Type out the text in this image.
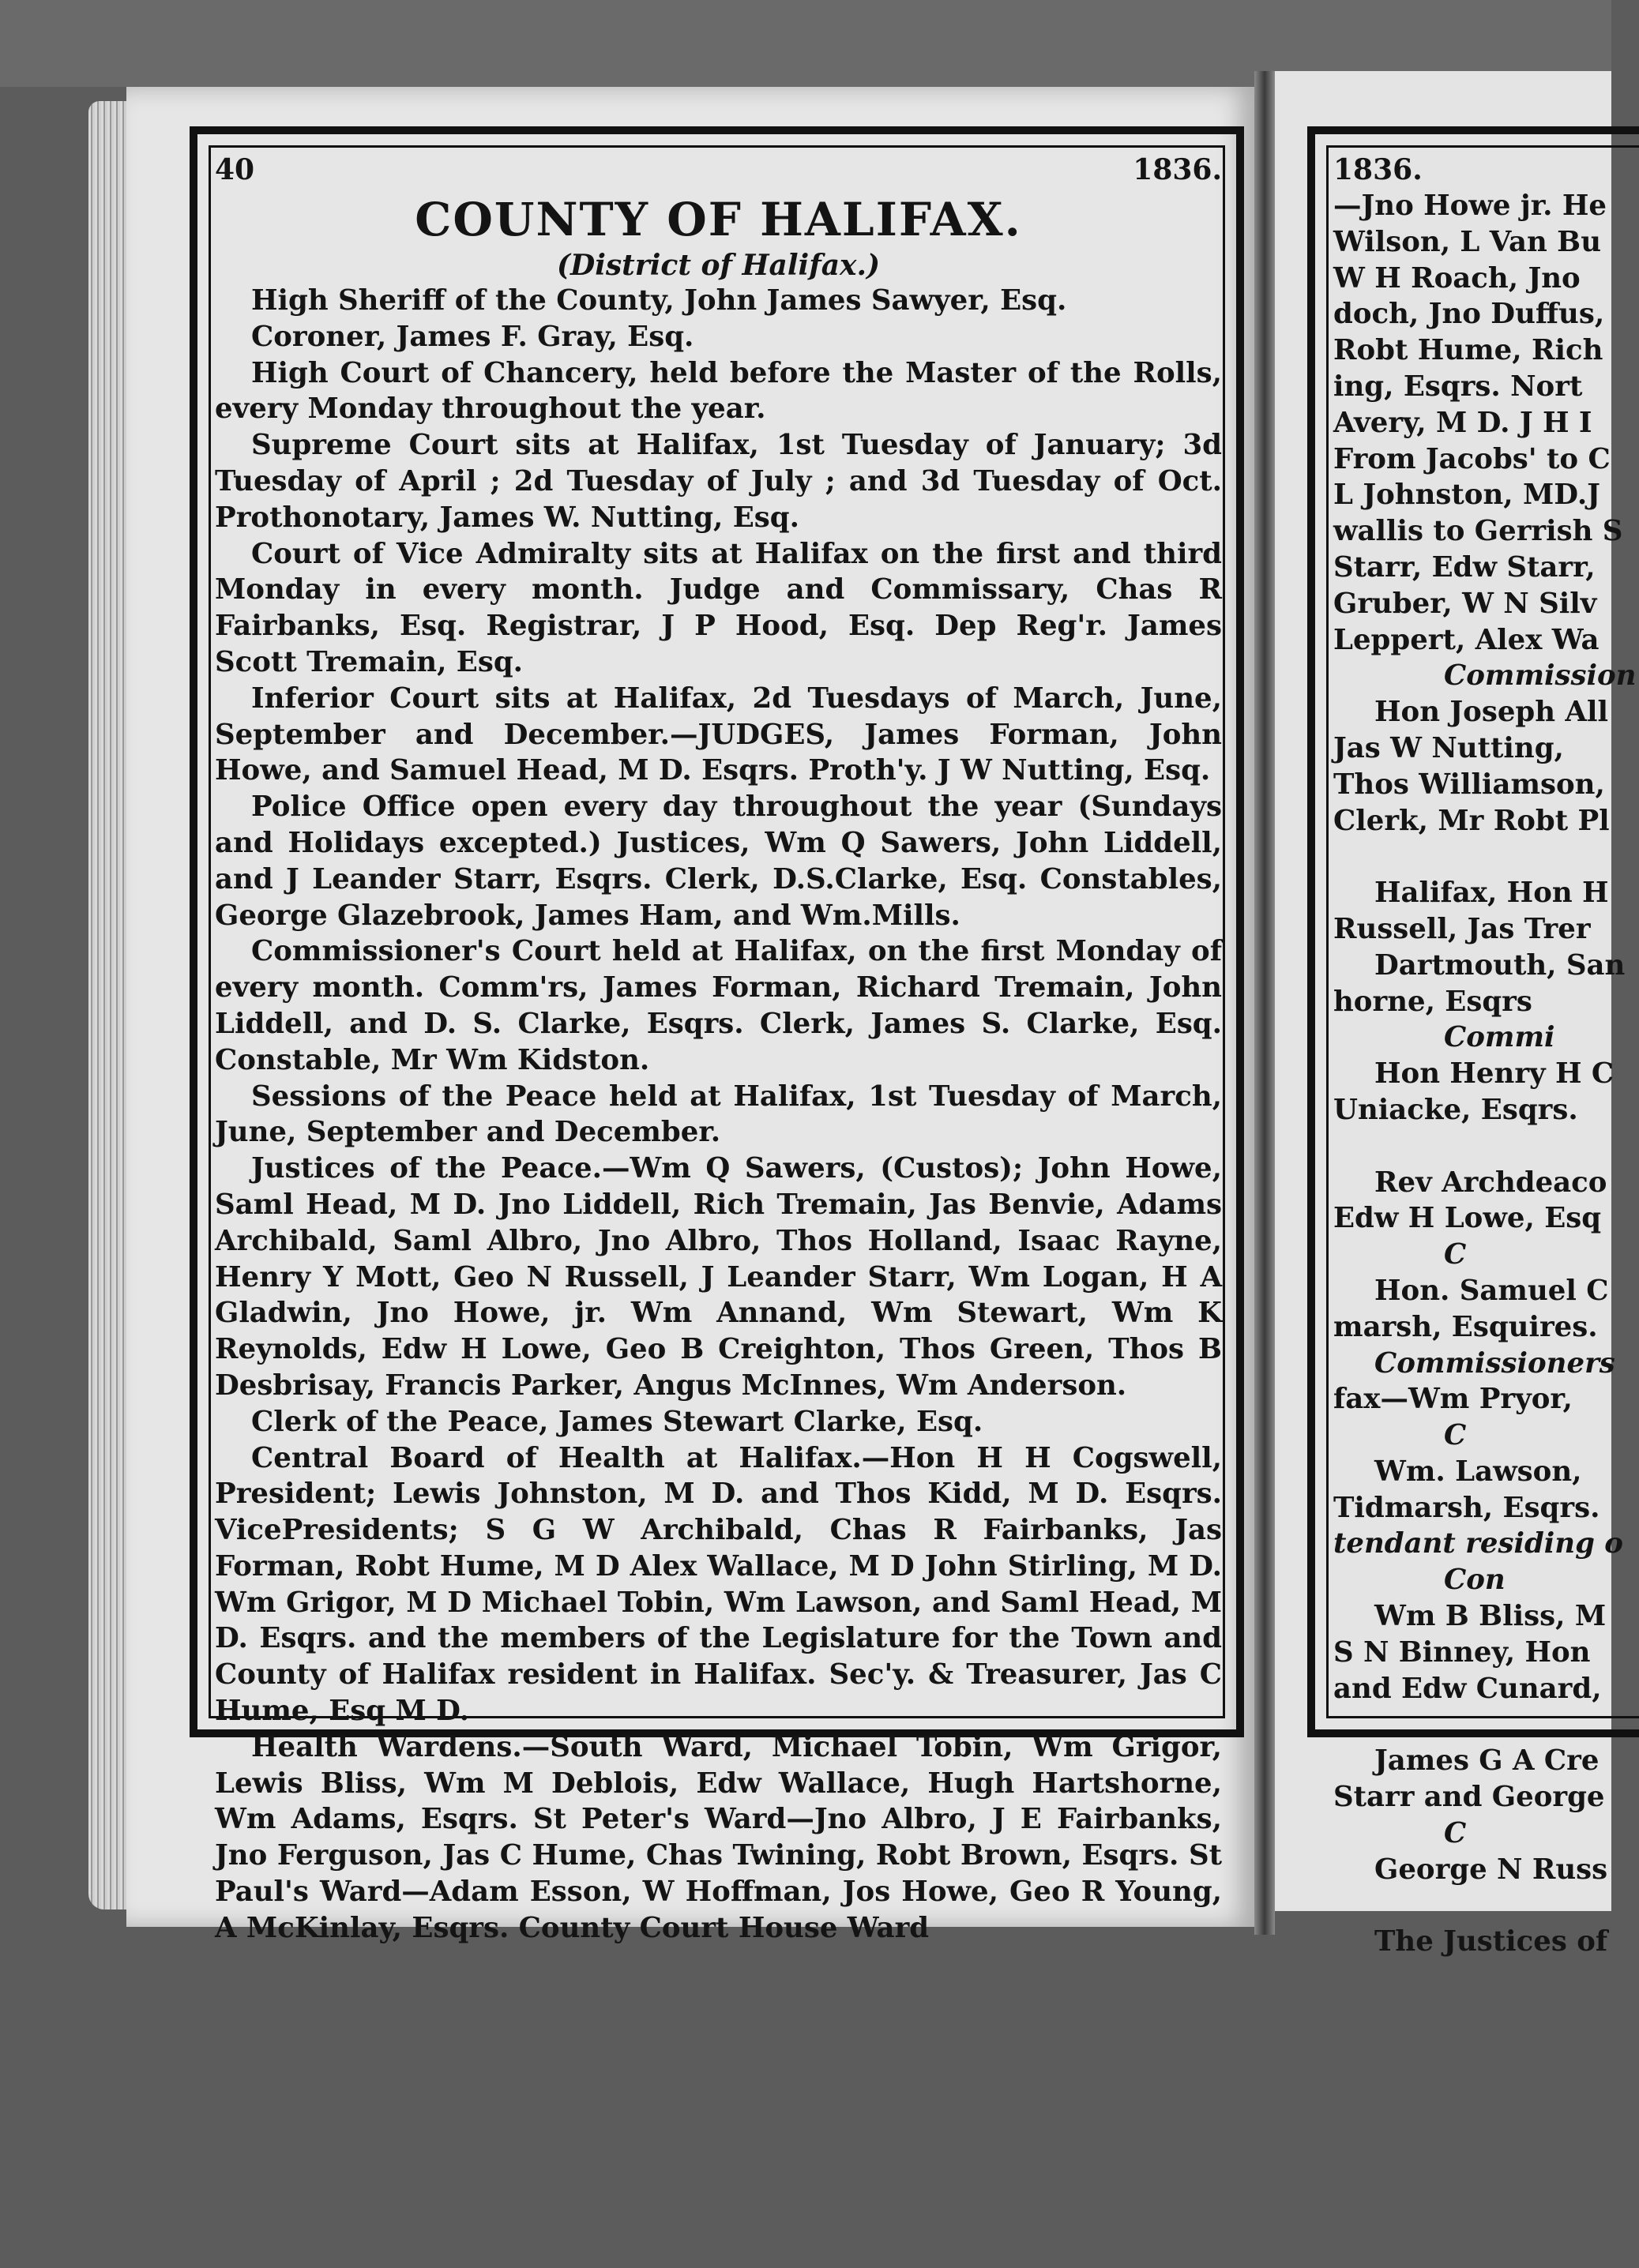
40	1836.
COUNTY OF HALIFAX.
(District of Halifax.)

High Sheriff of the County, John James Sawyer, Esq.

Coroner, James F. Gray, Esq.

High Court of Chancery, held before the Master of the Rolls, every Monday throughout the year.

Supreme Court sits at Halifax, 1st Tuesday of January; 3d Tuesday of April ; 2d Tuesday of July ; and 3d Tuesday of Oct. Prothonotary, James W. Nutting, Esq.

Court of Vice Admiralty sits at Halifax on the first and third Monday in every month. Judge and Commissary, Chas R Fairbanks, Esq. Registrar, J P Hood, Esq. Dep Reg'r. James Scott Tremain, Esq.

Inferior Court sits at Halifax, 2d Tuesdays of March, June, September and December.—JUDGES, James Forman, John Howe, and Samuel Head, M D. Esqrs. Proth'y. J W Nutting, Esq.

Police Office open every day throughout the year (Sundays and Holidays excepted.) Justices, Wm Q Sawers, John Liddell, and J Leander Starr, Esqrs. Clerk, D.S.Clarke, Esq. Constables, George Glazebrook, James Ham, and Wm.Mills.

Commissioner's Court held at Halifax, on the first Monday of every month. Comm'rs, James Forman, Richard Tremain, John Liddell, and D. S. Clarke, Esqrs. Clerk, James S. Clarke, Esq. Constable, Mr Wm Kidston.

Sessions of the Peace held at Halifax, 1st Tuesday of March, June, September and December.

Justices of the Peace.—Wm Q Sawers, (Custos); John Howe, Saml Head, M D. Jno Liddell, Rich Tremain, Jas Benvie, Adams Archibald, Saml Albro, Jno Albro, Thos Holland, Isaac Rayne, Henry Y Mott, Geo N Russell, J Leander Starr, Wm Logan, H A Gladwin, Jno Howe, jr. Wm Annand, Wm Stewart, Wm K Reynolds, Edw H Lowe, Geo B Creighton, Thos Green, Thos B Desbrisay, Francis Parker, Angus McInnes, Wm Anderson.

Clerk of the Peace, James Stewart Clarke, Esq.

Central Board of Health at Halifax.—Hon H H Cogswell, President; Lewis Johnston, M D. and Thos Kidd, M D. Esqrs. VicePresidents; S G W Archibald, Chas R Fairbanks, Jas Forman, Robt Hume, M D Alex Wallace, M D John Stirling, M D. Wm Grigor, M D Michael Tobin, Wm Lawson, and Saml Head, M D. Esqrs. and the members of the Legislature for the Town and County of Halifax resident in Halifax. Sec'y. & Treasurer, Jas C Hume, Esq M D.

Health Wardens.—South Ward, Michael Tobin, Wm Grigor, Lewis Bliss, Wm M Deblois, Edw Wallace, Hugh Hartshorne, Wm Adams, Esqrs. St Peter's Ward—Jno Albro, J E Fairbanks, Jno Ferguson, Jas C Hume, Chas Twining, Robt Brown, Esqrs. St Paul's Ward—Adam Esson, W Hoffman, Jos Howe, Geo R Young, A McKinlay, Esqrs. County Court House Ward

1836.
—Jno Howe jr. He
Wilson, L Van Bu
W H Roach, Jno
doch, Jno Duffus,
Robt Hume, Rich
ing, Esqrs. Nort
Avery, M D. J H I
From Jacobs' to C
L Johnston, MD.J
wallis to Gerrish S
Starr, Edw Starr,
Gruber, W N Silv
Leppert, Alex Wa
Commission
Hon Joseph All
Jas W Nutting,
Thos Williamson,
Clerk, Mr Robt Pl

Halifax, Hon H
Russell, Jas Trer
Dartmouth, San
horne, Esqrs
Commi
Hon Henry H C
Uniacke, Esqrs.

Rev Archdeaco
Edw H Lowe, Esq
C
Hon. Samuel C
marsh, Esquires.
Commissioners
fax—Wm Pryor,
C
Wm. Lawson,
Tidmarsh, Esqrs.
tendant residing o
Con
Wm B Bliss, M
S N Binney, Hon
and Edw Cunard,

James G A Cre
Starr and George
C
George N Russ

The Justices of
